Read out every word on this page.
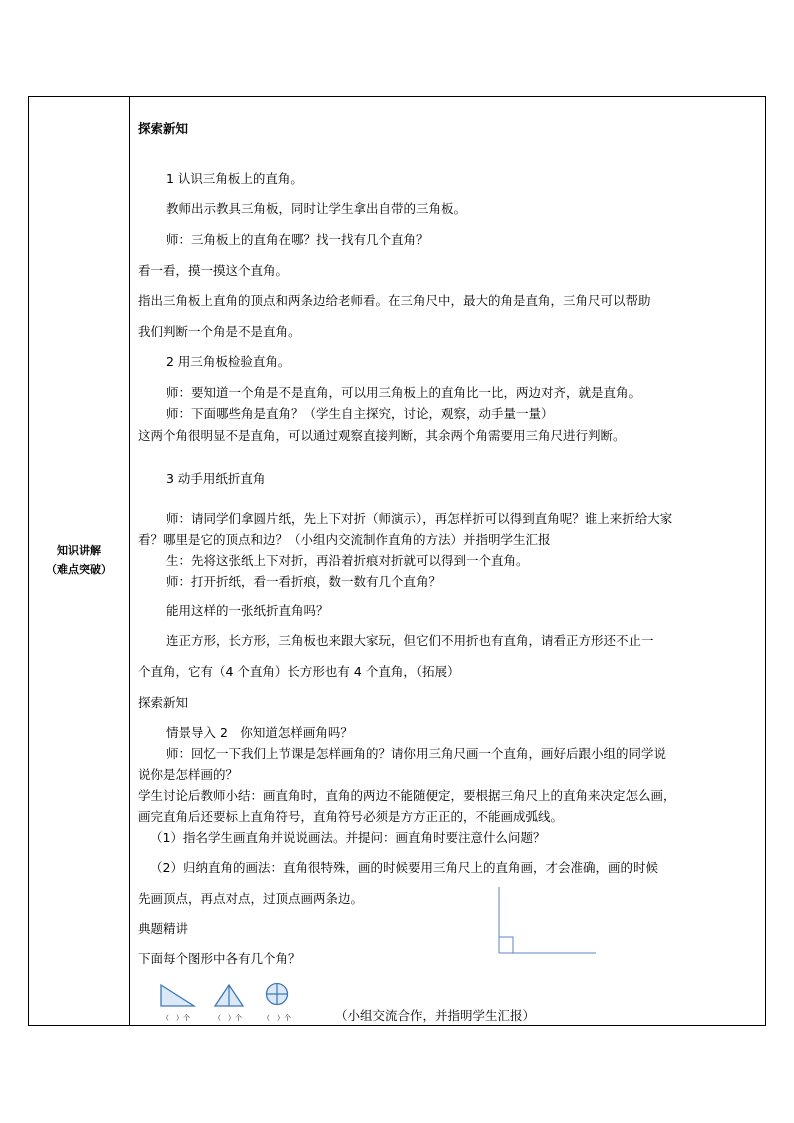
知识讲解
（难点突破）
探索新知
1 认识三角板上的直角。
教师出示教具三角板，同时让学生拿出自带的三角板。
师：三角板上的直角在哪？找一找有几个直角？
看一看，摸一摸这个直角。
指出三角板上直角的顶点和两条边给老师看。在三角尺中，最大的角是直角，三角尺可以帮助
我们判断一个角是不是直角。
2 用三角板检验直角。
师：要知道一个角是不是直角，可以用三角板上的直角比一比，两边对齐，就是直角。
师：下面哪些角是直角？（学生自主探究，讨论，观察，动手量一量）
这两个角很明显不是直角，可以通过观察直接判断，其余两个角需要用三角尺进行判断。
3 动手用纸折直角
师：请同学们拿圆片纸，先上下对折（师演示），再怎样折可以得到直角呢？谁上来折给大家
看？哪里是它的顶点和边？（小组内交流制作直角的方法）并指明学生汇报
生：先将这张纸上下对折，再沿着折痕对折就可以得到一个直角。
师：打开折纸，看一看折痕，数一数有几个直角？
能用这样的一张纸折直角吗？
连正方形，长方形，三角板也来跟大家玩，但它们不用折也有直角，请看正方形还不止一
个直角，它有（4 个直角）长方形也有 4 个直角，（拓展）
探索新知
情景导入 2　你知道怎样画角吗？
师：回忆一下我们上节课是怎样画角的？请你用三角尺画一个直角，画好后跟小组的同学说
说你是怎样画的？
学生讨论后教师小结：画直角时，直角的两边不能随便定，要根据三角尺上的直角来决定怎么画，
画完直角后还要标上直角符号，直角符号必须是方方正正的，不能画成弧线。
（1）指名学生画直角并说说画法。并提问：画直角时要注意什么问题？
（2）归纳直角的画法：直角很特殊，画的时候要用三角尺上的直角画，才会准确，画的时候
先画顶点，再点对点，过顶点画两条边。
典题精讲
下面每个图形中各有几个角？
（　）个	（　）个	（　）个	（小组交流合作，并指明学生汇报）
